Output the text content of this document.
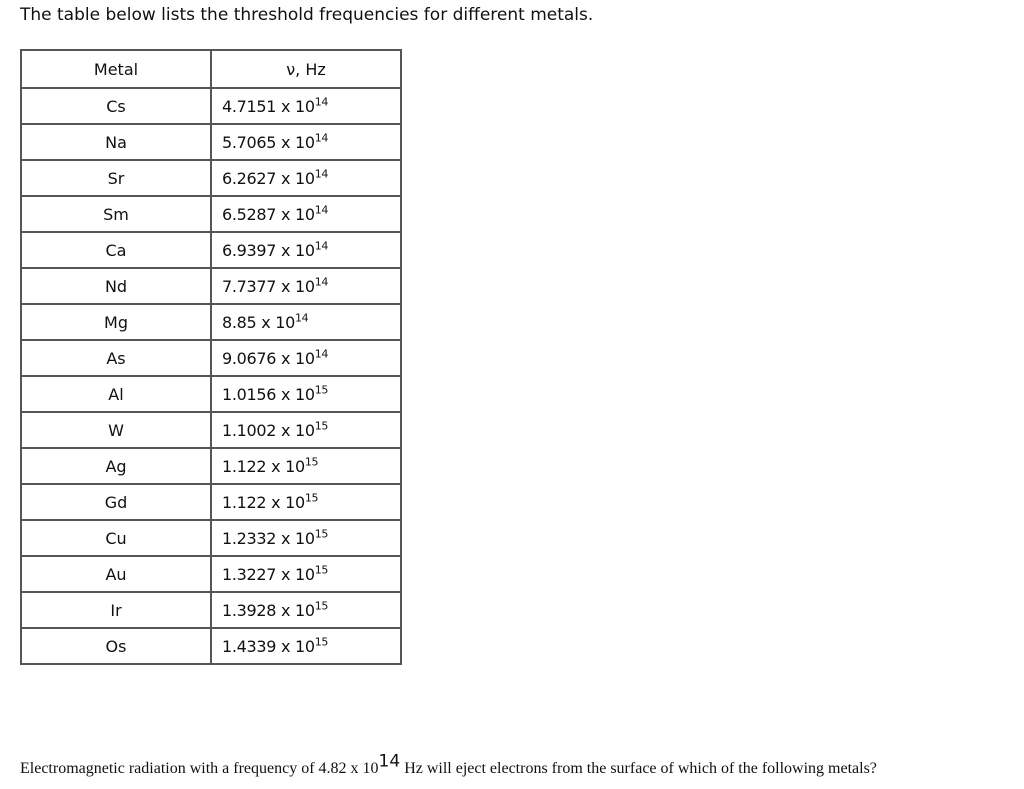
The table below lists the threshold frequencies for different metals.
Metal	ν, Hz
Cs	4.7151 x $10^{14}$
Na	5.7065 x $10^{14}$
Sr	6.2627 x $10^{14}$
Sm	6.5287 x $10^{14}$
Ca	6.9397 x $10^{14}$
Nd	7.7377 x $10^{14}$
Mg	8.85 x $10^{14}$
As	9.0676 x $10^{14}$
Al	1.0156 x $10^{15}$
W	1.1002 x $10^{15}$
Ag	1.122 x $10^{15}$
Gd	1.122 x $10^{15}$
Cu	1.2332 x $10^{15}$
Au	1.3227 x $10^{15}$
Ir	1.3928 x $10^{15}$
Os	1.4339 x $10^{15}$
Electromagnetic radiation with a frequency of 4.82 x 1014 Hz will eject electrons from the surface of which of the following metals?
